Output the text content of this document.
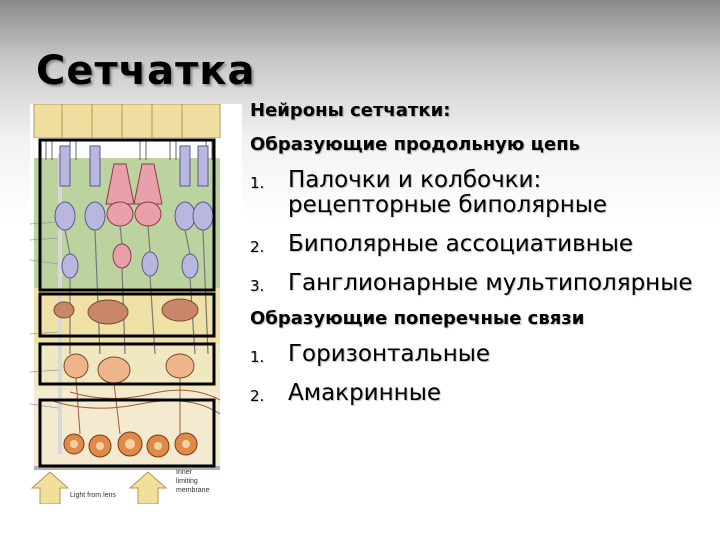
Сетчатка
Light from lens
Inner limiting membrane

Нейроны сетчатки:

Образующие продольную цепь

1. Палочки и колбочки: рецепторные биполярные
2. Биполярные ассоциативные
3. Ганглионарные мультиполярные

Образующие поперечные связи

1. Горизонтальные
2. Амакринные
